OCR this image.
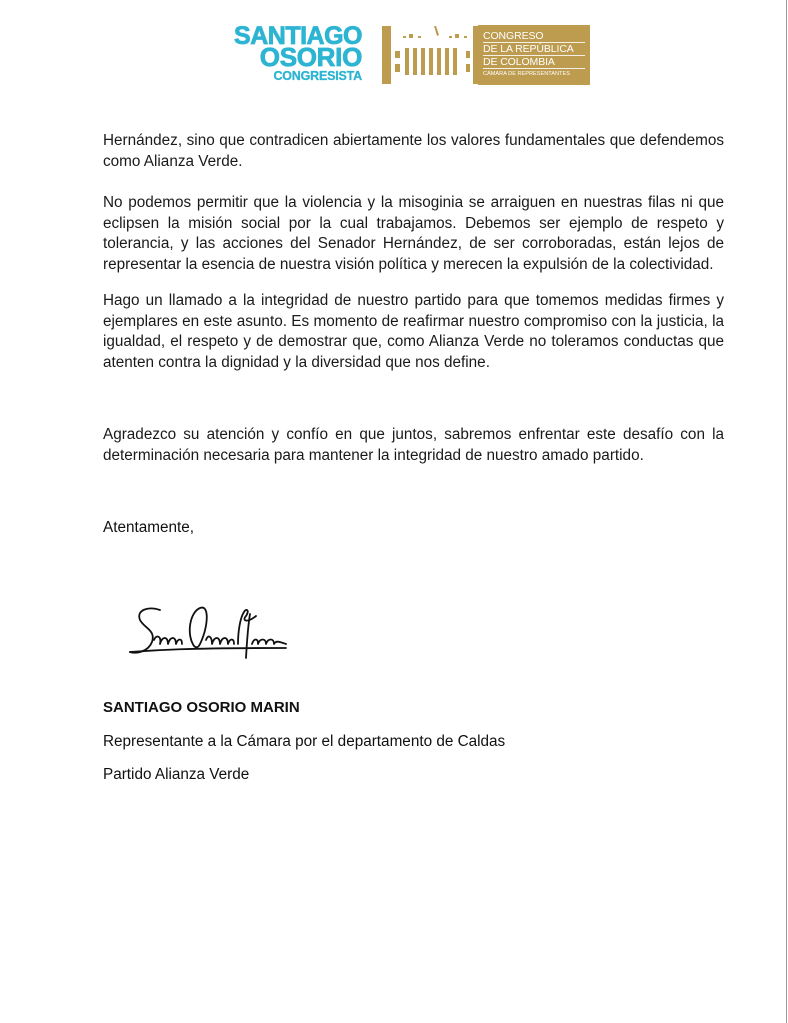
SANTIAGO
OSORIO
CONGRESISTA
CONGRESO
DE LA REPÚBLICA
DE COLOMBIA
CÁMARA DE REPRESENTANTES

Hernández, sino que contradicen abiertamente los valores fundamentales que defendemos como Alianza Verde.

No podemos permitir que la violencia y la misoginia se arraiguen en nuestras filas ni que eclipsen la misión social por la cual trabajamos. Debemos ser ejemplo de respeto y tolerancia, y las acciones del Senador Hernández, de ser corroboradas, están lejos de representar la esencia de nuestra visión política y merecen la expulsión de la colectividad.

Hago un llamado a la integridad de nuestro partido para que tomemos medidas firmes y ejemplares en este asunto. Es momento de reafirmar nuestro compromiso con la justicia, la igualdad, el respeto y de demostrar que, como Alianza Verde no toleramos conductas que atenten contra la dignidad y la diversidad que nos define.

Agradezco su atención y confío en que juntos, sabremos enfrentar este desafío con la determinación necesaria para mantener la integridad de nuestro amado partido.

Atentamente,
SANTIAGO OSORIO MARIN
Representante a la Cámara por el departamento de Caldas
Partido Alianza Verde
